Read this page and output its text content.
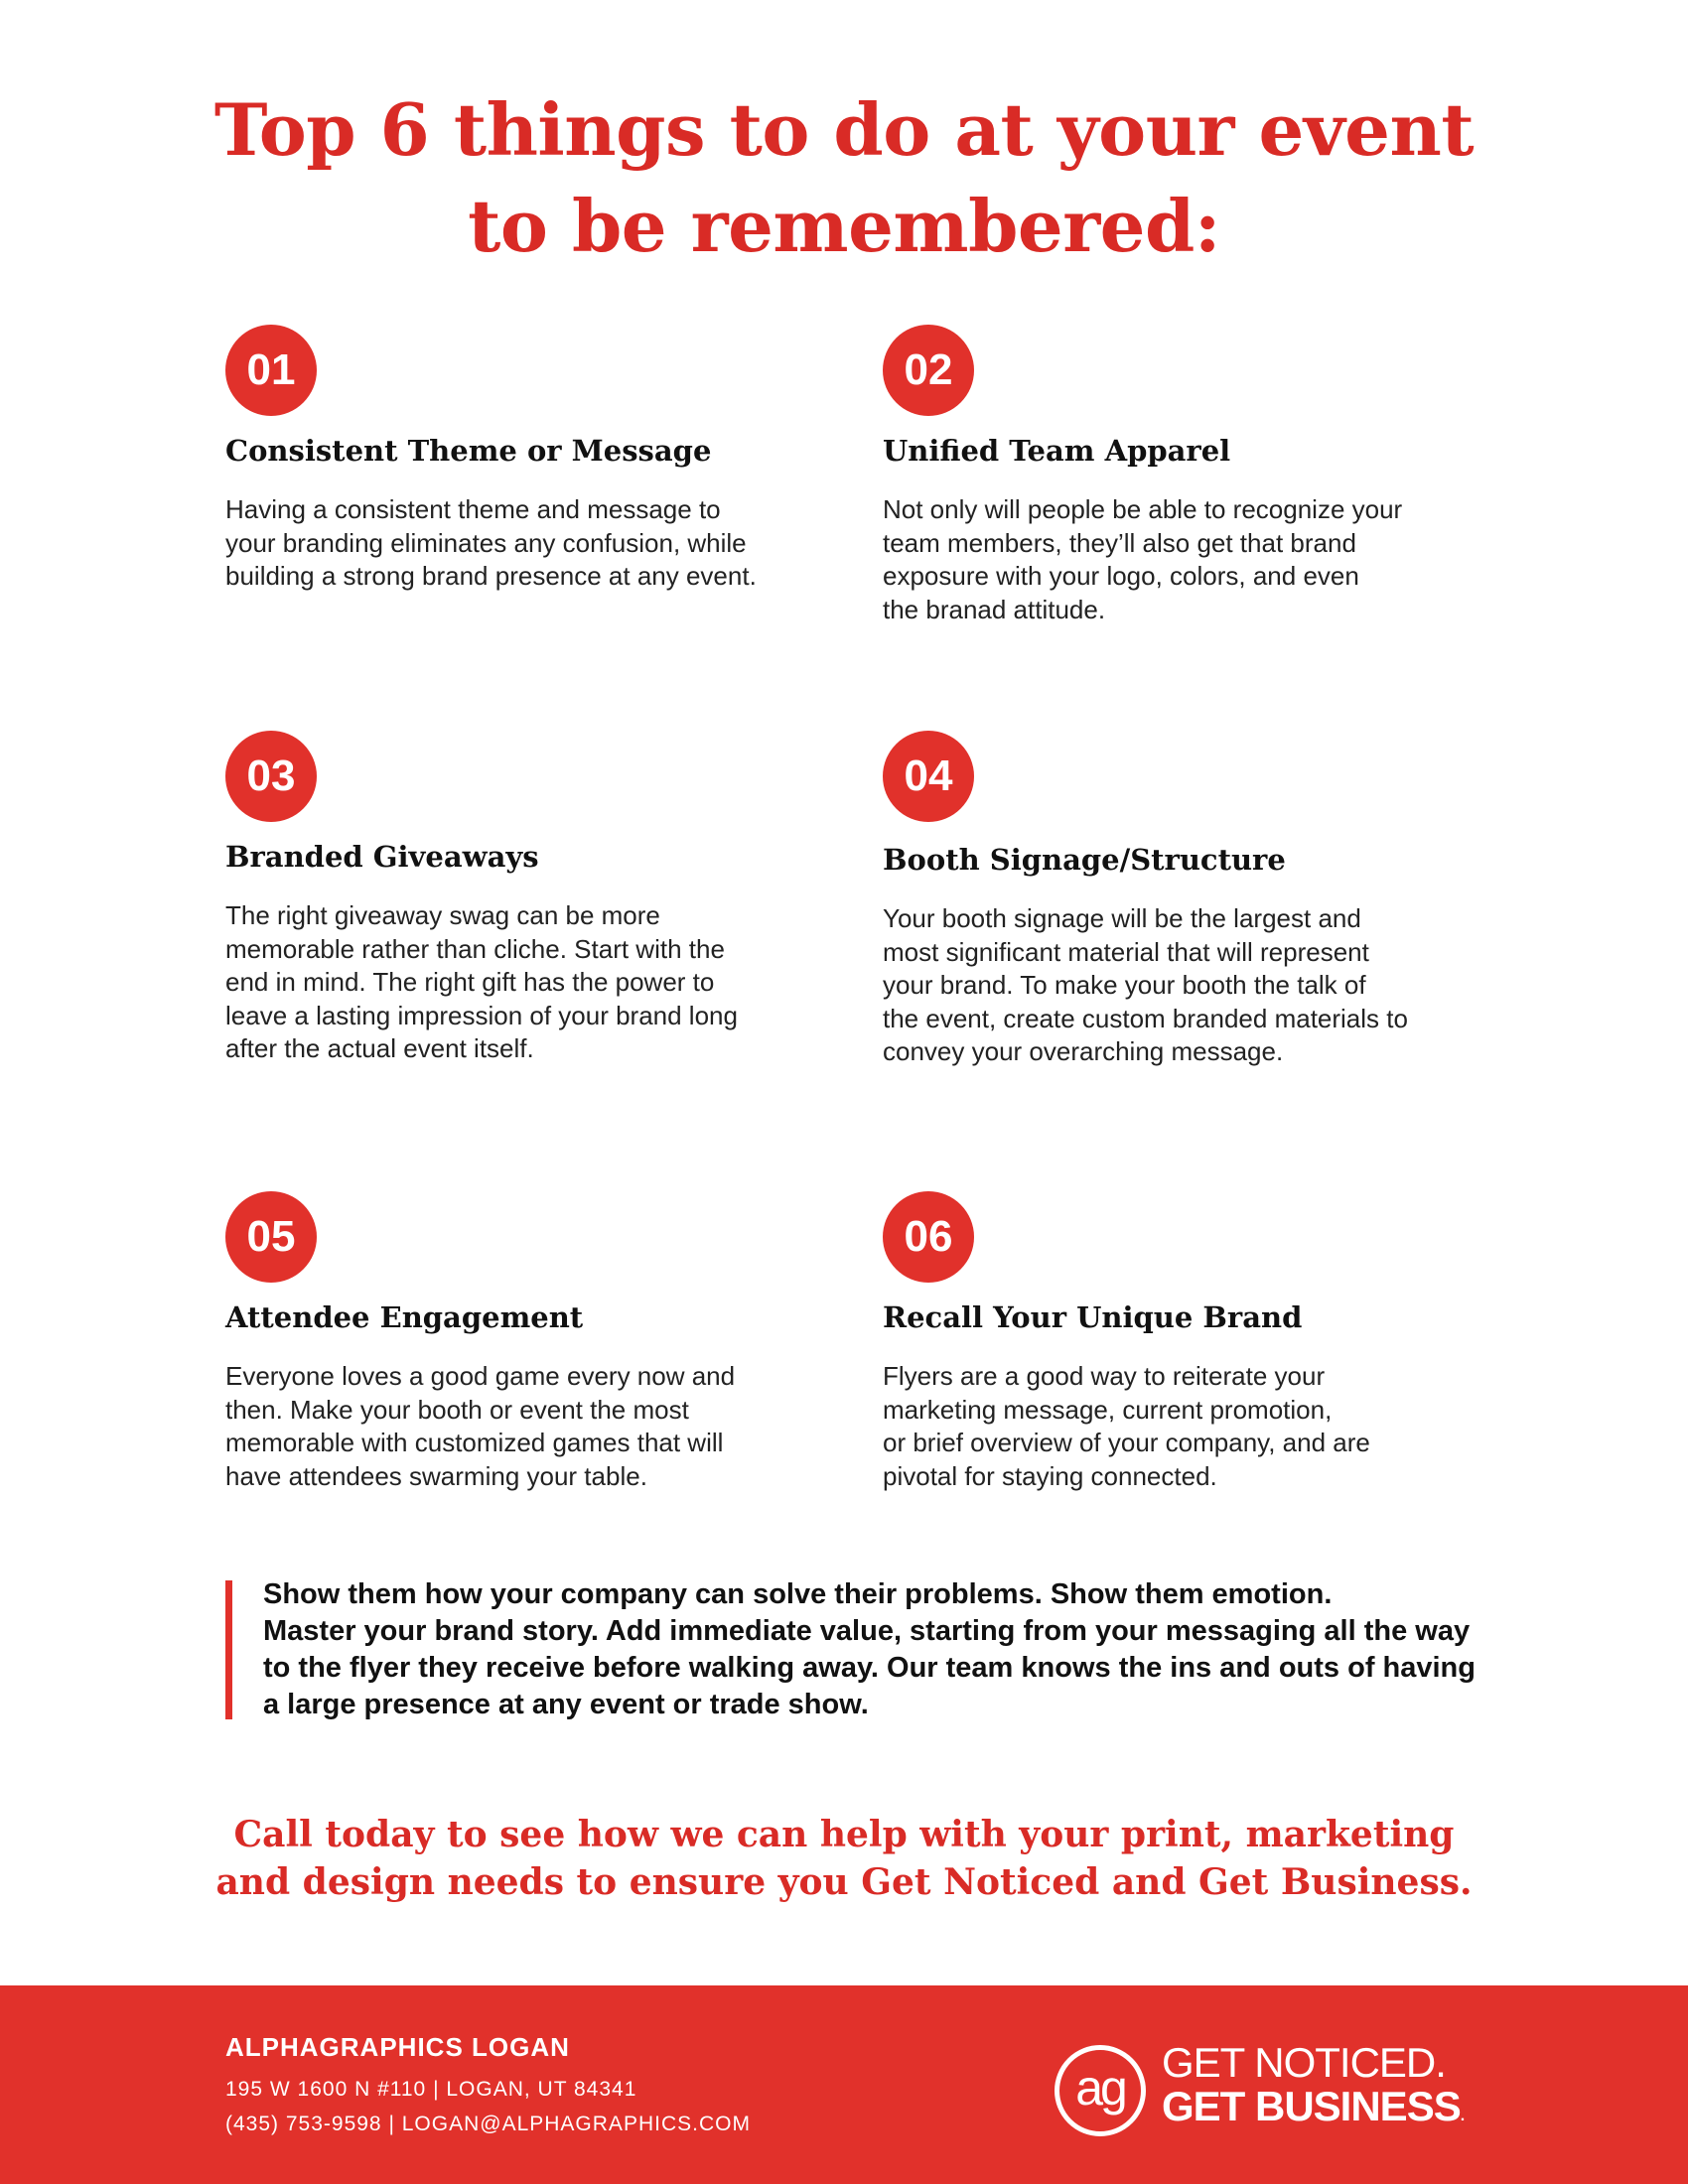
Top 6 things to do at your event
to be remembered:
01
Consistent Theme or Message
Having a consistent theme and message to
your branding eliminates any confusion, while
building a strong brand presence at any event.
02
Unified Team Apparel
Not only will people be able to recognize your
team members, they’ll also get that brand
exposure with your logo, colors, and even
the branad attitude.
03
Branded Giveaways
The right giveaway swag can be more
memorable rather than cliche. Start with the
end in mind. The right gift has the power to
leave a lasting impression of your brand long
after the actual event itself.
04
Booth Signage/Structure
Your booth signage will be the largest and
most significant material that will represent
your brand. To make your booth the talk of
the event, create custom branded materials to
convey your overarching message.
05
Attendee Engagement
Everyone loves a good game every now and
then. Make your booth or event the most
memorable with customized games that will
have attendees swarming your table.
06
Recall Your Unique Brand
Flyers are a good way to reiterate your
marketing message, current promotion,
or brief overview of your company, and are
pivotal for staying connected.
Show them how your company can solve their problems. Show them emotion.
Master your brand story. Add immediate value, starting from your messaging all the way
to the flyer they receive before walking away. Our team knows the ins and outs of having
a large presence at any event or trade show.
Call today to see how we can help with your print, marketing
and design needs to ensure you Get Noticed and Get Business.
ALPHAGRAPHICS LOGAN
195 W 1600 N #110 | LOGAN, UT 84341
(435) 753-9598 | LOGAN@ALPHAGRAPHICS.COM
ag GET NOTICED.
GET BUSINESS.
